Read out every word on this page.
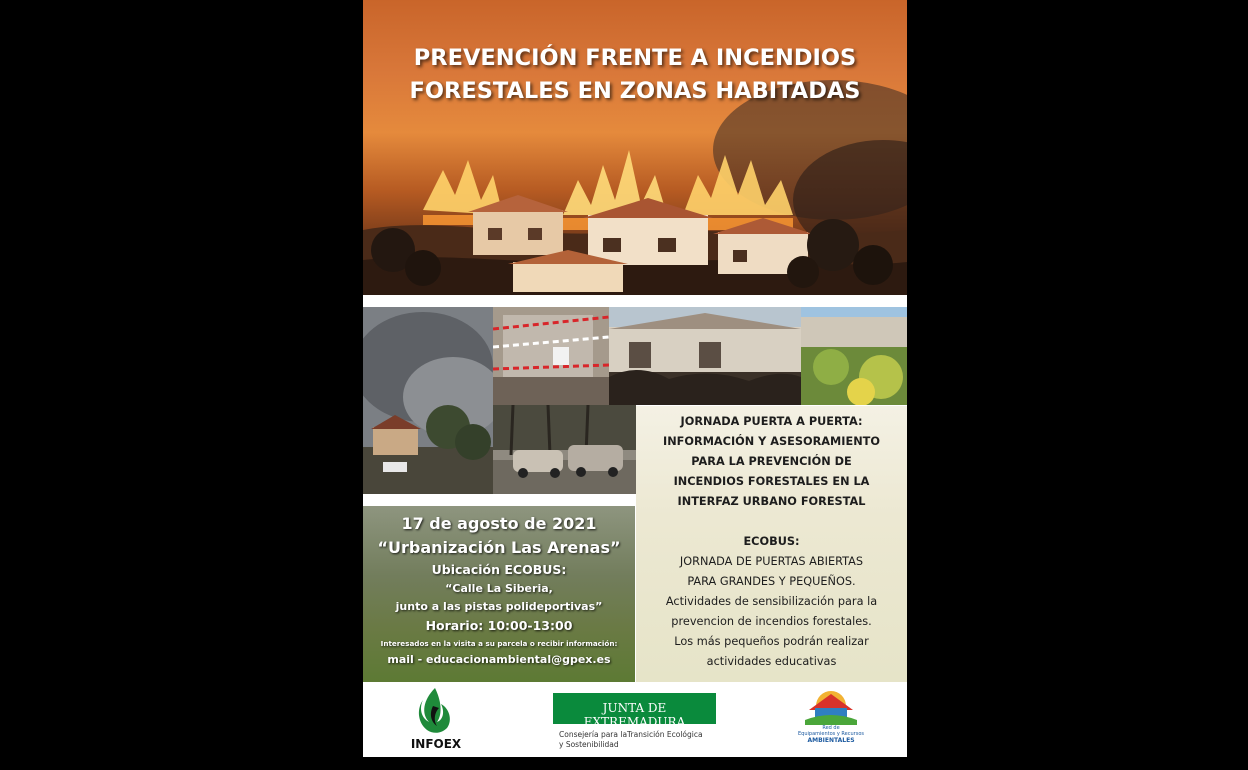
PREVENCIÓN FRENTE A INCENDIOS
FORESTALES EN ZONAS HABITADAS
JORNADA PUERTA A PUERTA:
INFORMACIÓN Y ASESORAMIENTO
PARA LA PREVENCIÓN DE
INCENDIOS FORESTALES EN LA
INTERFAZ URBANO FORESTAL
ECOBUS:
JORNADA DE PUERTAS ABIERTAS
PARA GRANDES Y PEQUEÑOS.
Actividades de sensibilización para la
prevencion de incendios forestales.
Los más pequeños podrán realizar
actividades educativas
17 de agosto de 2021
“Urbanización Las Arenas”
Ubicación ECOBUS:
“Calle La Siberia,
junto a las pistas polideportivas”
Horario: 10:00-13:00
Interesados en la visita a su parcela o recibir información:
mail - educacionambiental@gpex.es
INFOEX
JUNTA DE EXTREMADURA
Consejería para laTransición Ecológica
y Sostenibilidad
Red de
Equipamientos y Recursos
AMBIENTALES
